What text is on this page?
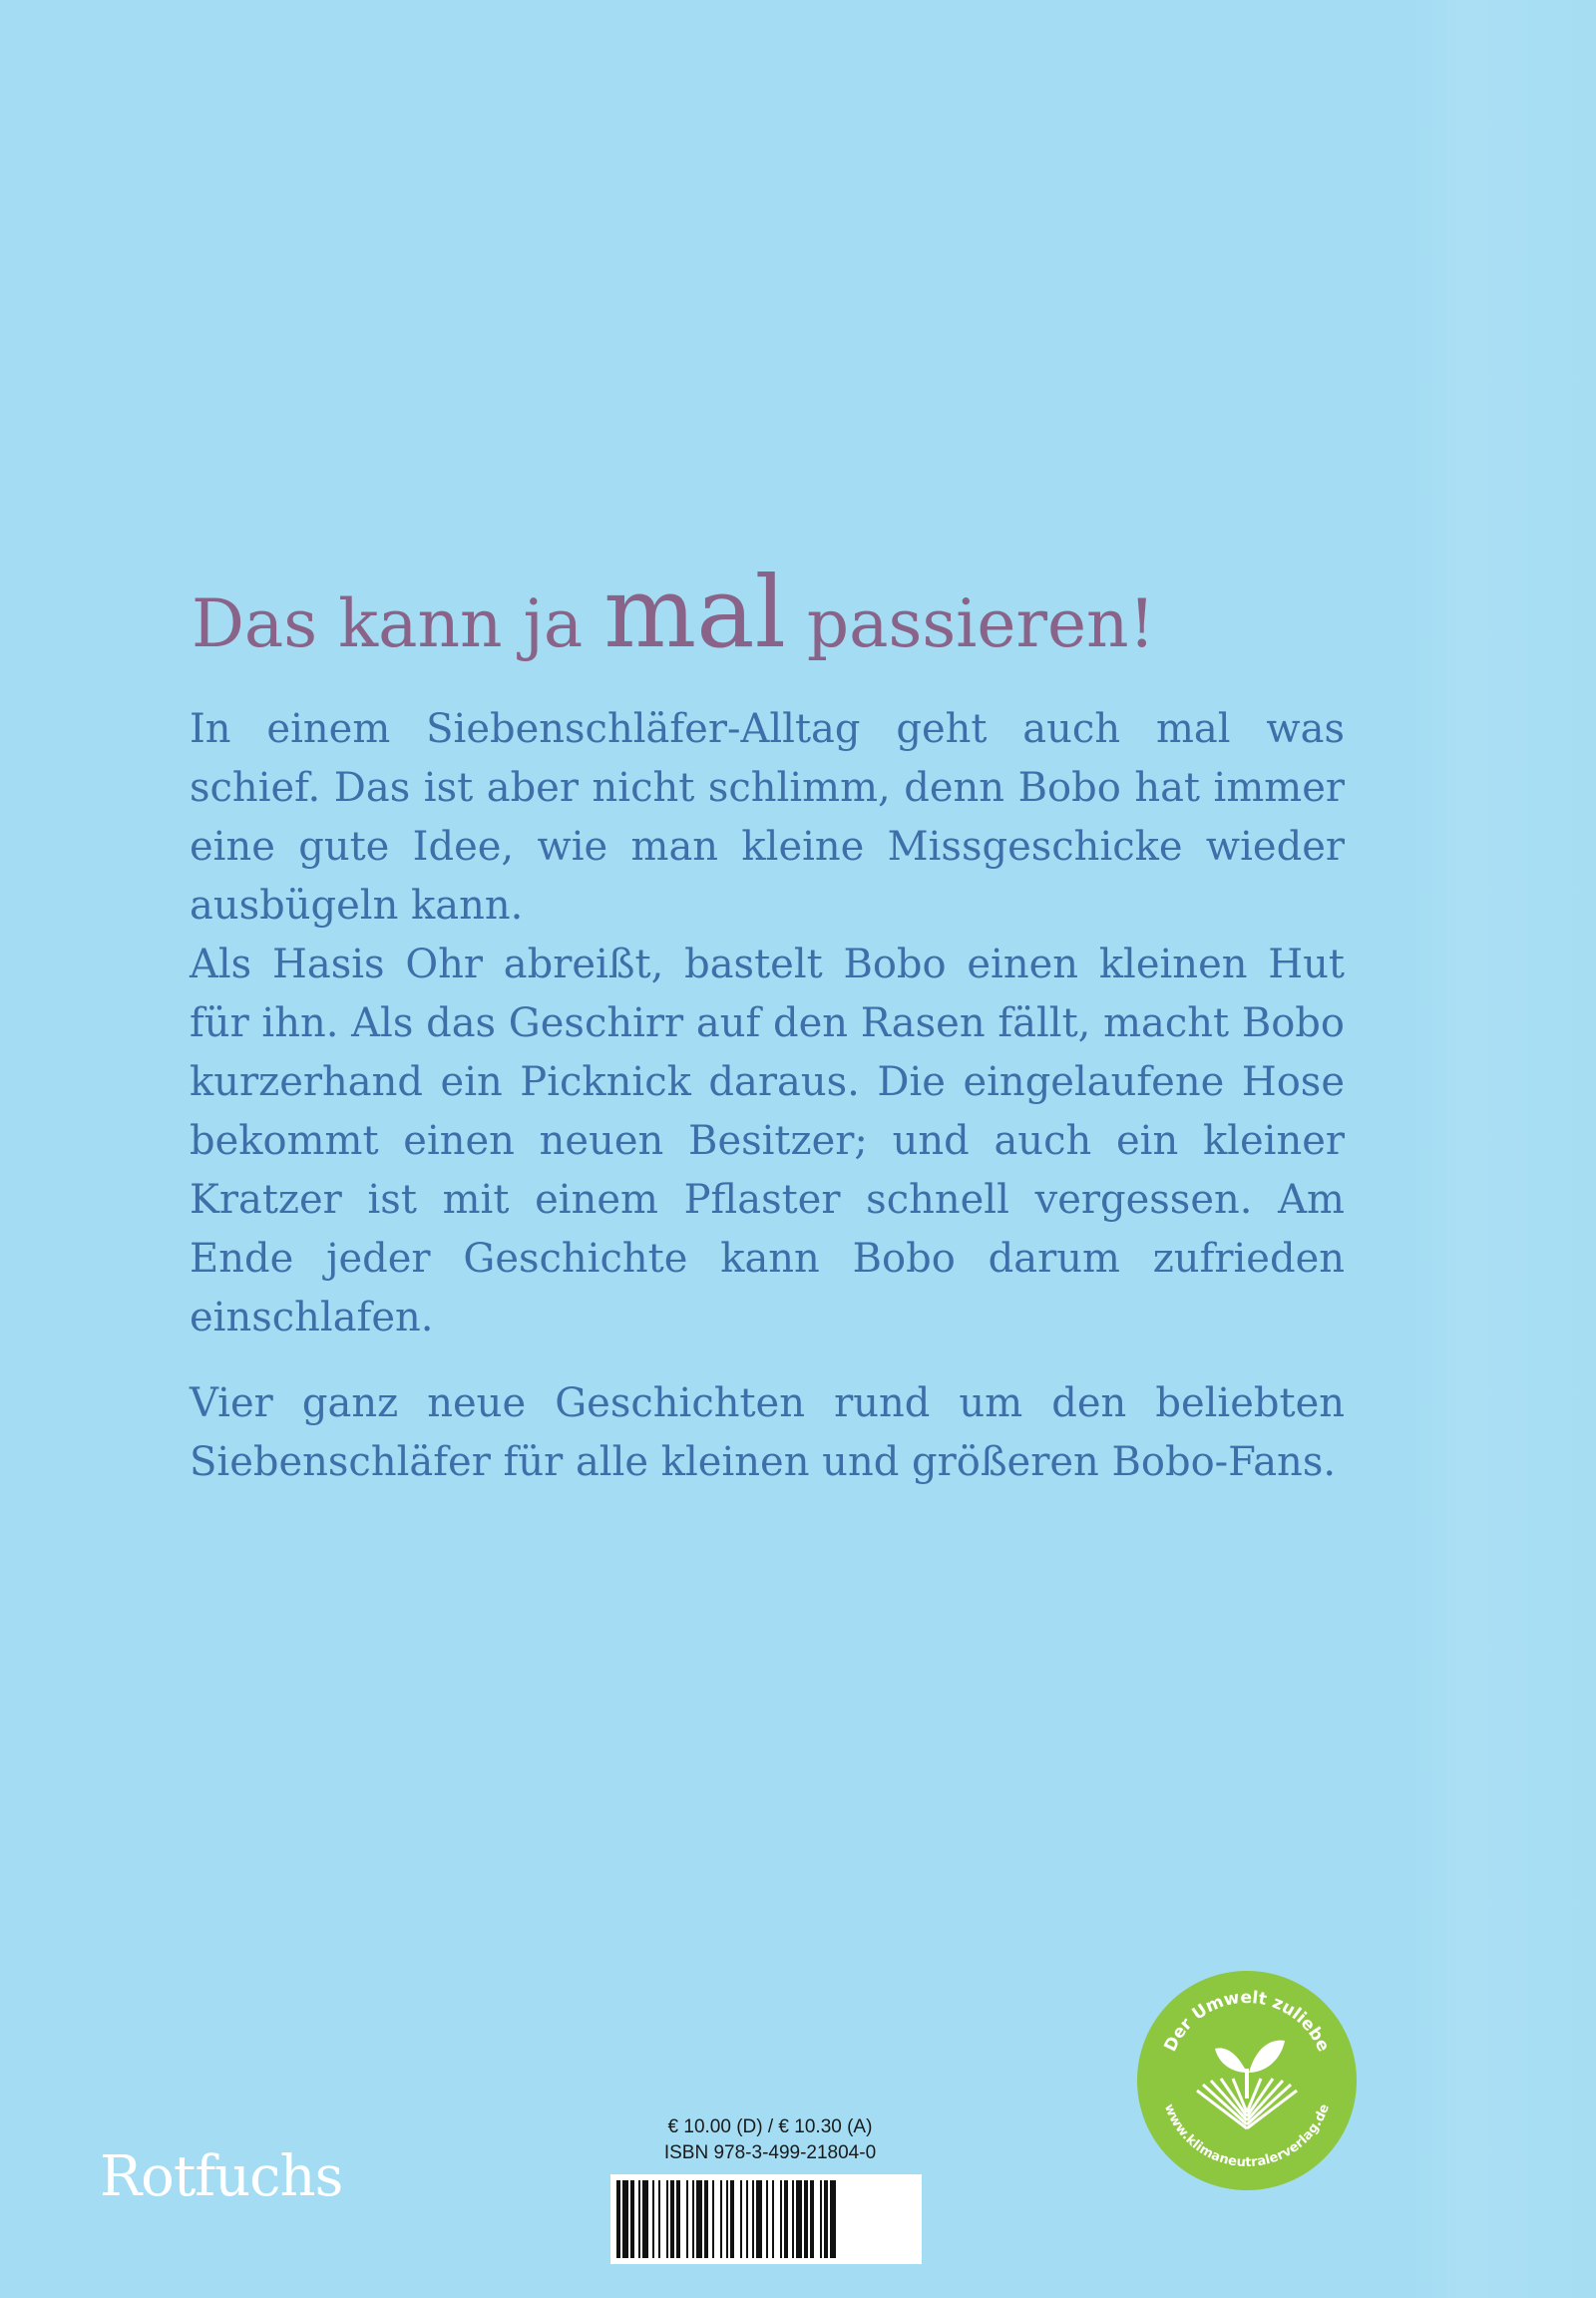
Das kann ja mal passieren!

In einem Siebenschläfer-Alltag geht auch mal was schief. Das ist aber nicht schlimm, denn Bobo hat immer eine gute Idee, wie man kleine Missgeschicke wieder ausbügeln kann.

Als Hasis Ohr abreißt, bastelt Bobo einen kleinen Hut für ihn. Als das Geschirr auf den Rasen fällt, macht Bobo kurzerhand ein Picknick daraus. Die eingelaufene Hose bekommt einen neuen Besitzer; und auch ein kleiner Kratzer ist mit einem Pflaster schnell vergessen. Am Ende jeder Geschichte kann Bobo darum zufrieden einschlafen.

Vier ganz neue Geschichten rund um den beliebten Siebenschläfer für alle kleinen und größeren Bobo-Fans.

Rotfuchs
€ 10.00 (D) / € 10.30 (A)
ISBN 978-3-499-21804-0
Der Umwelt zuliebe
www.klimaneutralerverlag.de
